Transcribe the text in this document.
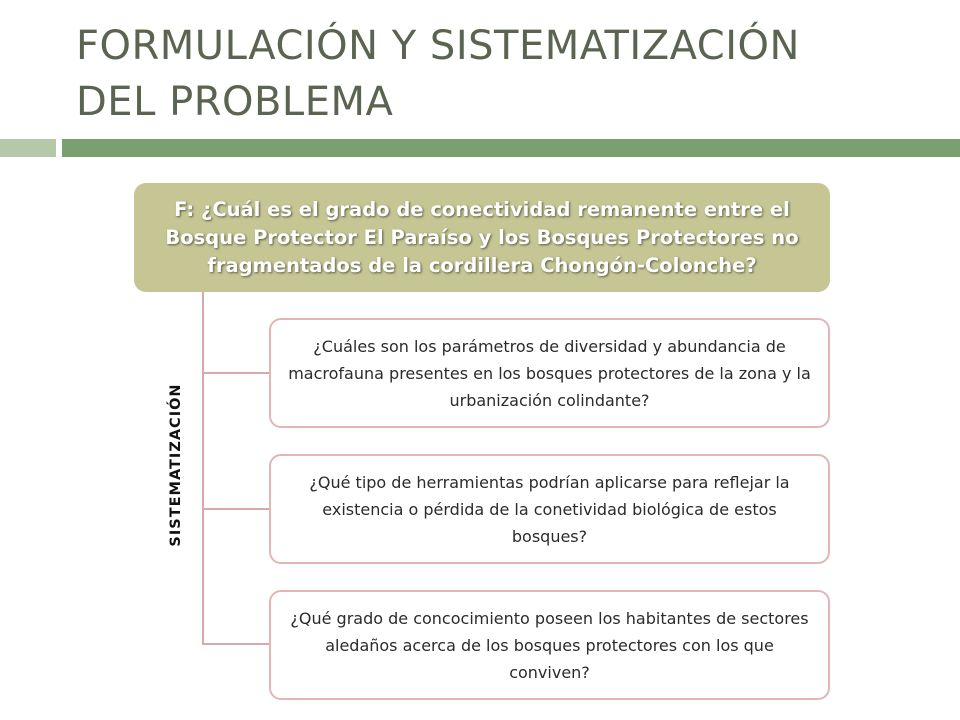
FORMULACIÓN Y SISTEMATIZACIÓN
DEL PROBLEMA
F: ¿Cuál es el grado de conectividad remanente entre el Bosque Protector El Paraíso y los Bosques Protectores no fragmentados de la cordillera Chongón-Colonche?
SISTEMATIZACIÓN
¿Cuáles son los parámetros de diversidad y abundancia de macrofauna presentes en los bosques protectores de la zona y la urbanización colindante?
¿Qué tipo de herramientas podrían aplicarse para reflejar la existencia o pérdida de la conetividad biológica de estos bosques?
¿Qué grado de concocimiento poseen los habitantes de sectores aledaños acerca de los bosques protectores con los que conviven?
